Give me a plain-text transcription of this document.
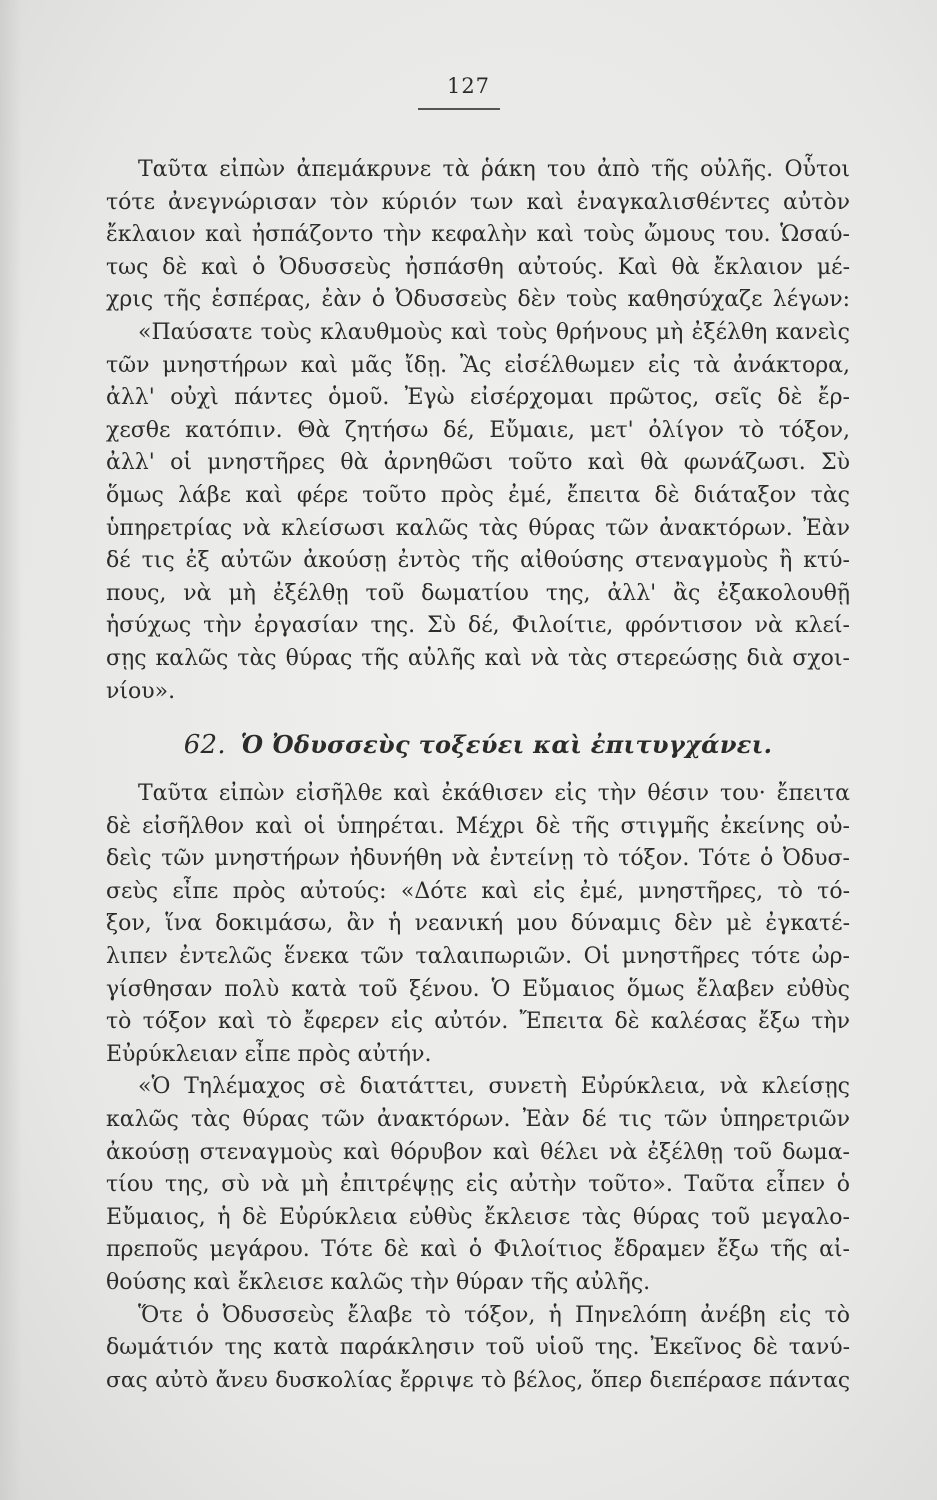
127

Ταῦτα εἰπὼν ἀπεμάκρυνε τὰ ῥάκη του ἀπὸ τῆς οὐλῆς. Οὗτοι
τότε ἀνεγνώρισαν τὸν κύριόν των καὶ ἐναγκαλισθέντες αὐτὸν
ἔκλαιον καὶ ἠσπάζοντο τὴν κεφαλὴν καὶ τοὺς ὤμους του. Ὡσαύ-
τως δὲ καὶ ὁ Ὀδυσσεὺς ἠσπάσθη αὐτούς. Καὶ θὰ ἔκλαιον μέ-
χρις τῆς ἑσπέρας, ἐὰν ὁ Ὀδυσσεὺς δὲν τοὺς καθησύχαζε λέγων:

«Παύσατε τοὺς κλαυθμοὺς καὶ τοὺς θρήνους μὴ ἐξέλθη κανεὶς
τῶν μνηστήρων καὶ μᾶς ἴδῃ. Ἂς εἰσέλθωμεν εἰς τὰ ἀνάκτορα,
ἀλλ' οὐχὶ πάντες ὁμοῦ. Ἐγὼ εἰσέρχομαι πρῶτος, σεῖς δὲ ἔρ-
χεσθε κατόπιν. Θὰ ζητήσω δέ, Εὔμαιε, μετ' ὀλίγον τὸ τόξον,
ἀλλ' οἱ μνηστῆρες θὰ ἀρνηθῶσι τοῦτο καὶ θὰ φωνάζωσι. Σὺ
ὅμως λάβε καὶ φέρε τοῦτο πρὸς ἐμέ, ἔπειτα δὲ διάταξον τὰς
ὑπηρετρίας νὰ κλείσωσι καλῶς τὰς θύρας τῶν ἀνακτόρων. Ἐὰν
δέ τις ἐξ αὐτῶν ἀκούσῃ ἐντὸς τῆς αἰθούσης στεναγμοὺς ἢ κτύ-
πους, νὰ μὴ ἐξέλθῃ τοῦ δωματίου της, ἀλλ' ἂς ἐξακολουθῇ
ἡσύχως τὴν ἐργασίαν της. Σὺ δέ, Φιλοίτιε, φρόντισον νὰ κλεί-
σῃς καλῶς τὰς θύρας τῆς αὐλῆς καὶ νὰ τὰς στερεώσῃς διὰ σχοι-
νίου».

62. Ὁ Ὀδυσσεὺς τοξεύει καὶ ἐπιτυγχάνει.

Ταῦτα εἰπὼν εἰσῆλθε καὶ ἐκάθισεν εἰς τὴν θέσιν του· ἔπειτα
δὲ εἰσῆλθον καὶ οἱ ὑπηρέται. Μέχρι δὲ τῆς στιγμῆς ἐκείνης οὐ-
δεὶς τῶν μνηστήρων ἠδυνήθη νὰ ἐντείνῃ τὸ τόξον. Τότε ὁ Ὀδυσ-
σεὺς εἶπε πρὸς αὐτούς: «Δότε καὶ εἰς ἐμέ, μνηστῆρες, τὸ τό-
ξον, ἵνα δοκιμάσω, ἂν ἡ νεανική μου δύναμις δὲν μὲ ἐγκατέ-
λιπεν ἐντελῶς ἕνεκα τῶν ταλαιπωριῶν. Οἱ μνηστῆρες τότε ὠρ-
γίσθησαν πολὺ κατὰ τοῦ ξένου. Ὁ Εὔμαιος ὅμως ἔλαβεν εὐθὺς
τὸ τόξον καὶ τὸ ἔφερεν εἰς αὐτόν. Ἔπειτα δὲ καλέσας ἔξω τὴν
Εὐρύκλειαν εἶπε πρὸς αὐτήν.

«Ὁ Τηλέμαχος σὲ διατάττει, συνετὴ Εὐρύκλεια, νὰ κλείσῃς
καλῶς τὰς θύρας τῶν ἀνακτόρων. Ἐὰν δέ τις τῶν ὑπηρετριῶν
ἀκούσῃ στεναγμοὺς καὶ θόρυβον καὶ θέλει νὰ ἐξέλθῃ τοῦ δωμα-
τίου της, σὺ νὰ μὴ ἐπιτρέψῃς εἰς αὐτὴν τοῦτο». Ταῦτα εἶπεν ὁ
Εὔμαιος, ἡ δὲ Εὐρύκλεια εὐθὺς ἔκλεισε τὰς θύρας τοῦ μεγαλο-
πρεποῦς μεγάρου. Τότε δὲ καὶ ὁ Φιλοίτιος ἔδραμεν ἔξω τῆς αἰ-
θούσης καὶ ἔκλεισε καλῶς τὴν θύραν τῆς αὐλῆς.

Ὅτε ὁ Ὀδυσσεὺς ἔλαβε τὸ τόξον, ἡ Πηνελόπη ἀνέβη εἰς τὸ
δωμάτιόν της κατὰ παράκλησιν τοῦ υἱοῦ της. Ἐκεῖνος δὲ τανύ-
σας αὐτὸ ἄνευ δυσκολίας ἔρριψε τὸ βέλος, ὅπερ διεπέρασε πάντας
